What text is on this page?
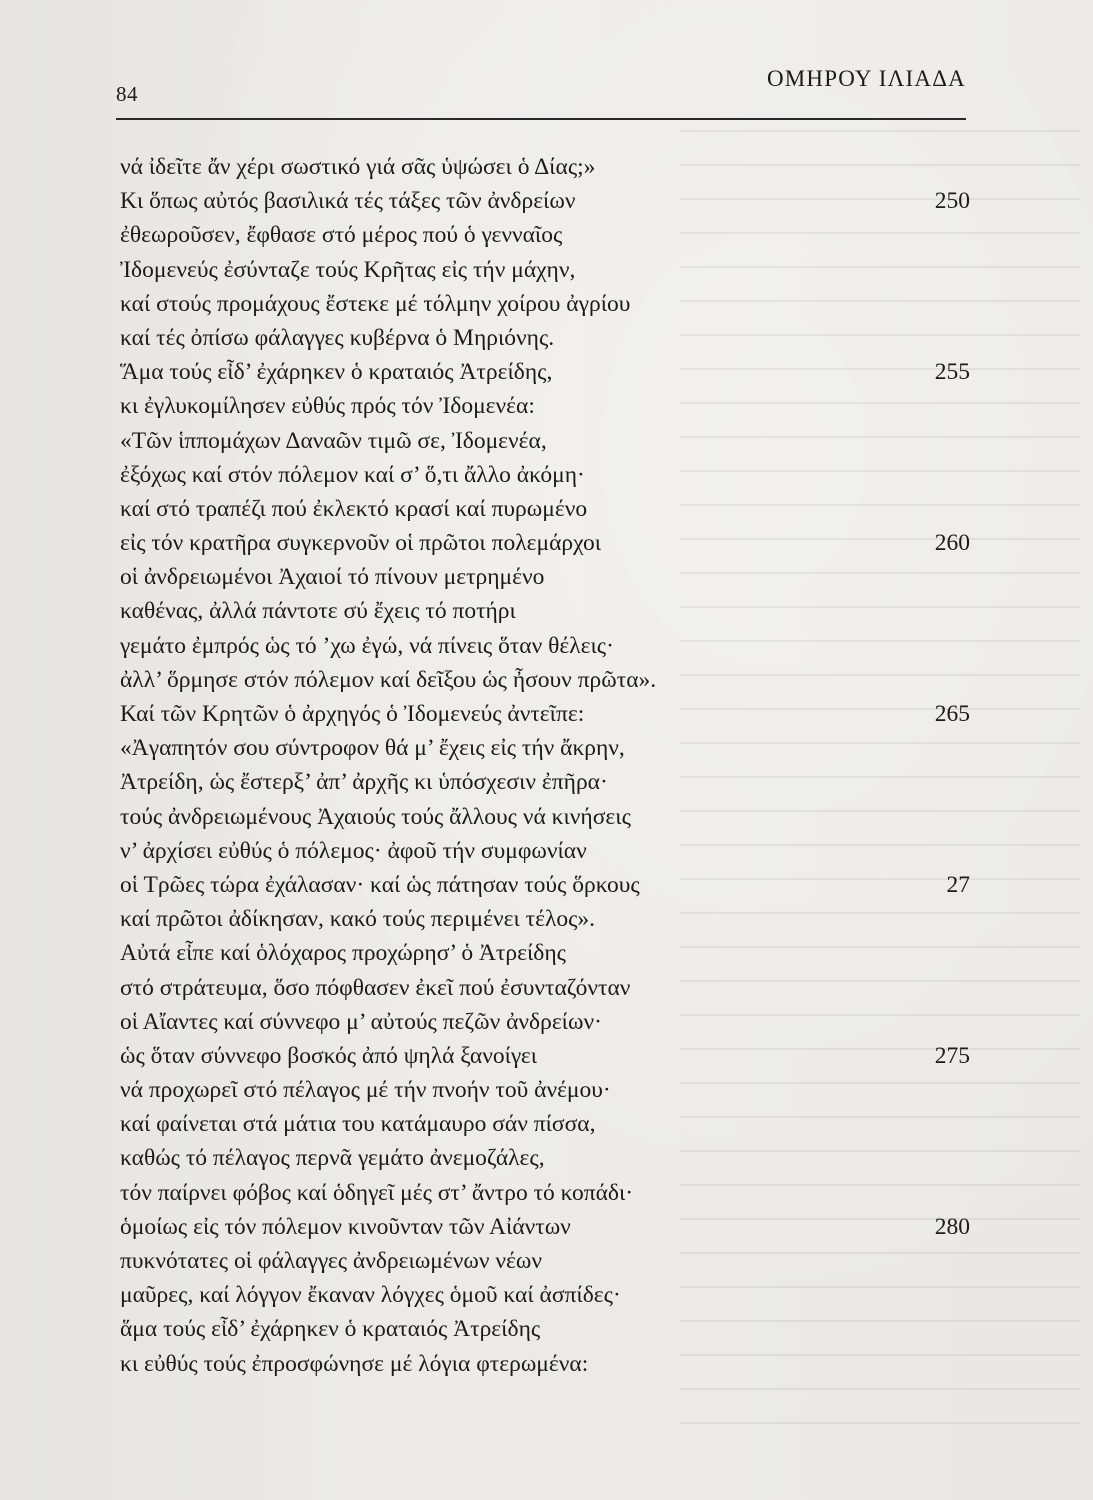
84
ΟΜΗΡΟΥ ΙΛΙΑΔΑ
νά ἰδεῖτε ἄν χέρι σωστικό γιά σᾶς ὑψώσει ὁ Δίας;»
Κι ὅπως αὐτός βασιλικά τές τάξες τῶν ἀνδρείων	250
ἐθεωροῦσεν, ἔφθασε στό μέρος πού ὁ γενναῖος
Ἰδομενεύς ἐσύνταζε τούς Κρῆτας εἰς τήν μάχην,
καί στούς προμάχους ἔστεκε μέ τόλμην χοίρου ἀγρίου
καί τές ὀπίσω φάλαγγες κυβέρνα ὁ Μηριόνης.
Ἅμα τούς εἶδ’ ἐχάρηκεν ὁ κραταιός Ἀτρείδης,	255
κι ἐγλυκομίλησεν εὐθύς πρός τόν Ἰδομενέα:
«Τῶν ἱππομάχων Δαναῶν τιμῶ σε, Ἰδομενέα,
ἐξόχως καί στόν πόλεμον καί σ’ ὅ,τι ἄλλο ἀκόμη·
καί στό τραπέζι πού ἐκλεκτό κρασί καί πυρωμένο
εἰς τόν κρατῆρα συγκερνοῦν οἱ πρῶτοι πολεμάρχοι	260
οἱ ἀνδρειωμένοι Ἀχαιοί τό πίνουν μετρημένο
καθένας, ἀλλά πάντοτε σύ ἔχεις τό ποτήρι
γεμάτο ἐμπρός ὡς τό ’χω ἐγώ, νά πίνεις ὅταν θέλεις·
ἀλλ’ ὅρμησε στόν πόλεμον καί δεῖξου ὡς ἦσουν πρῶτα».
Καί τῶν Κρητῶν ὁ ἀρχηγός ὁ Ἰδομενεύς ἀντεῖπε:	265
«Ἀγαπητόν σου σύντροφον θά μ’ ἔχεις εἰς τήν ἄκρην,
Ἀτρείδη, ὡς ἔστερξ’ ἀπ’ ἀρχῆς κι ὑπόσχεσιν ἐπῆρα·
τούς ἀνδρειωμένους Ἀχαιούς τούς ἄλλους νά κινήσεις
ν’ ἀρχίσει εὐθύς ὁ πόλεμος· ἀφοῦ τήν συμφωνίαν
οἱ Τρῶες τώρα ἐχάλασαν· καί ὡς πάτησαν τούς ὅρκους	27
καί πρῶτοι ἀδίκησαν, κακό τούς περιμένει τέλος».
Αὐτά εἶπε καί ὁλόχαρος προχώρησ’ ὁ Ἀτρείδης
στό στράτευμα, ὅσο πόφθασεν ἐκεῖ πού ἐσυνταζόνταν
οἱ Αἴαντες καί σύννεφο μ’ αὐτούς πεζῶν ἀνδρείων·
ὡς ὅταν σύννεφο βοσκός ἀπό ψηλά ξανοίγει	275
νά προχωρεῖ στό πέλαγος μέ τήν πνοήν τοῦ ἀνέμου·
καί φαίνεται στά μάτια του κατάμαυρο σάν πίσσα,
καθώς τό πέλαγος περνᾶ γεμάτο ἀνεμοζάλες,
τόν παίρνει φόβος καί ὁδηγεῖ μές στ’ ἄντρο τό κοπάδι·
ὁμοίως εἰς τόν πόλεμον κινοῦνταν τῶν Αἰάντων	280
πυκνότατες οἱ φάλαγγες ἀνδρειωμένων νέων
μαῦρες, καί λόγγον ἔκαναν λόγχες ὁμοῦ καί ἀσπίδες·
ἅμα τούς εἶδ’ ἐχάρηκεν ὁ κραταιός Ἀτρείδης
κι εὐθύς τούς ἐπροσφώνησε μέ λόγια φτερωμένα:
